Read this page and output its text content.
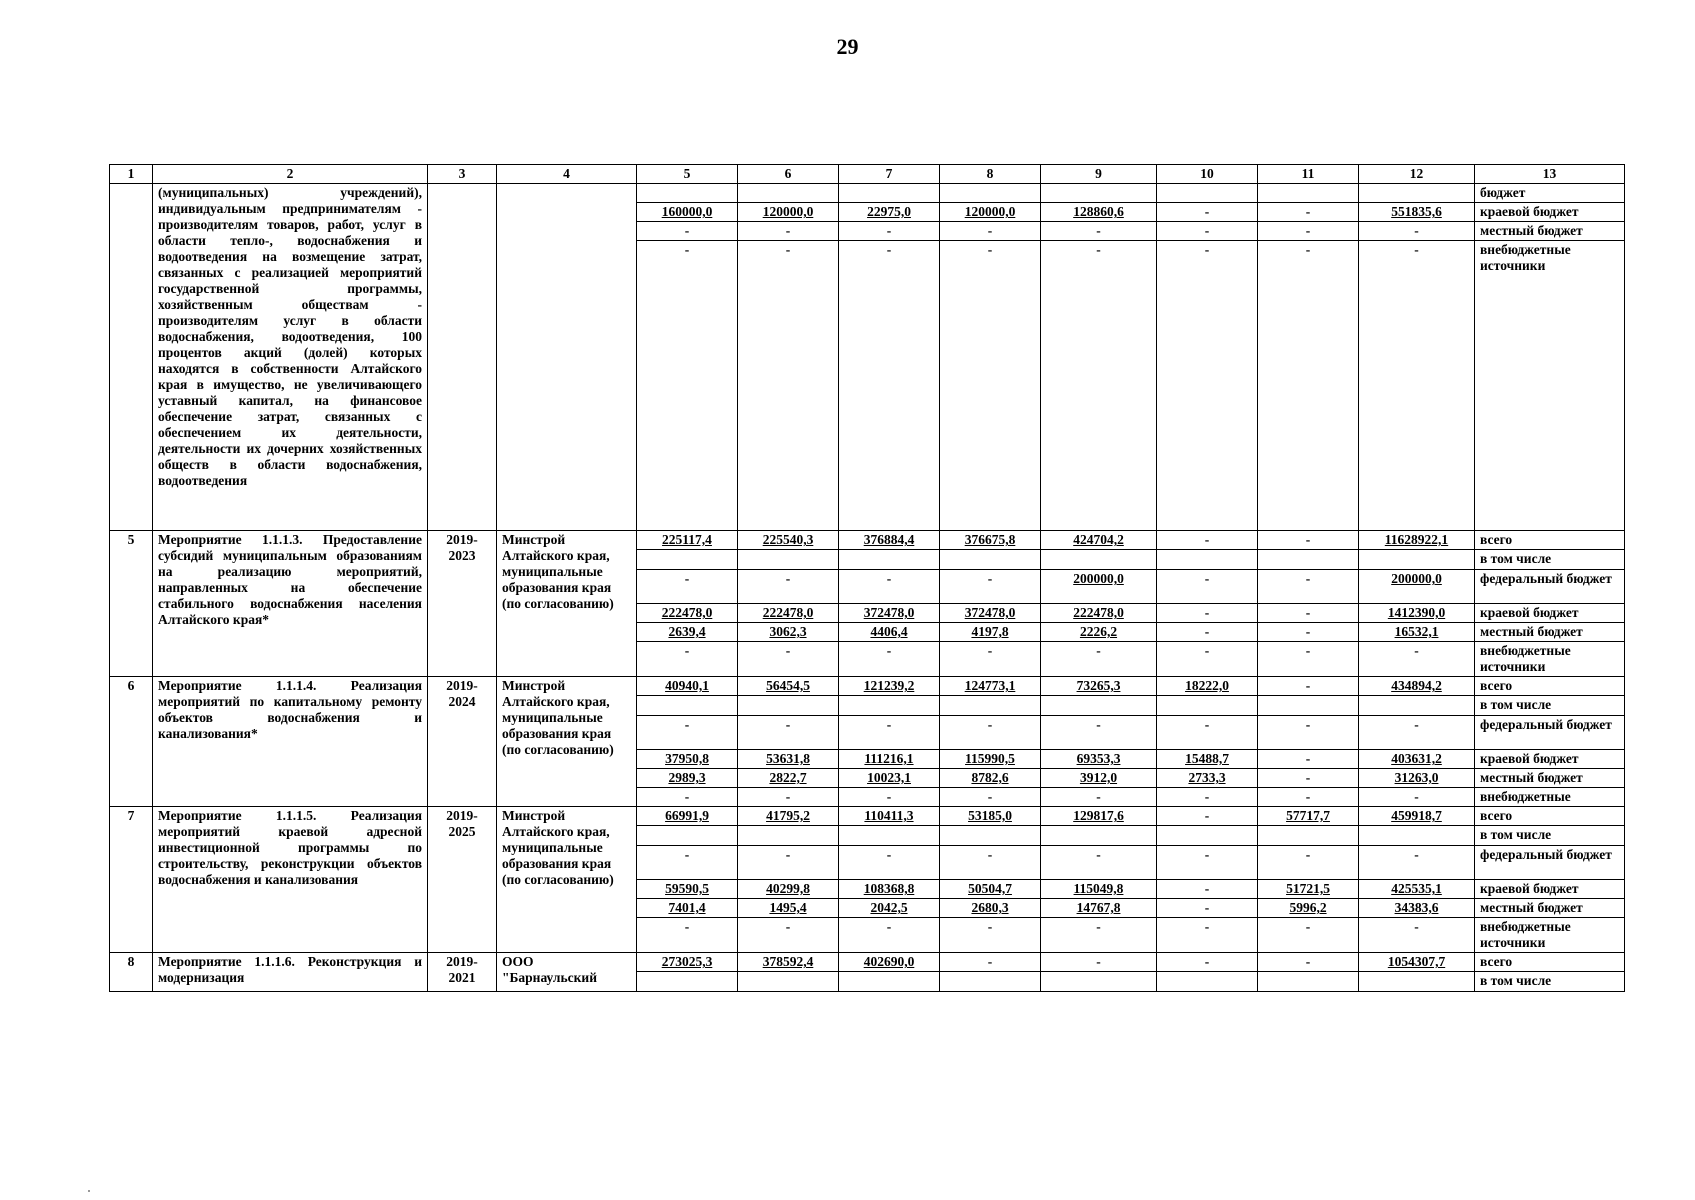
29
1	2	3	4	5	6	7	8	9	10	11	12	13
	(муниципальных) учреждений), индивидуальным предпринимателям - производителям товаров, работ, услуг в области тепло-, водоснабжения и водоотведения на возмещение затрат, связанных с реализацией мероприятий государственной программы, хозяйственным обществам - производителям услуг в области водоснабжения, водоотведения, 100 процентов акций (долей) которых находятся в собственности Алтайского края в имущество, не увеличивающего уставный капитал, на финансовое обеспечение затрат, связанных с обеспечением их деятельности, деятельности их дочерних хозяйственных обществ в области водоснабжения, водоотведения											бюджет
				160000,0	120000,0	22975,0	120000,0	128860,6	-	-	551835,6	краевой бюджет
				-	-	-	-	-	-	-	-	местный бюджет
				-	-	-	-	-	-	-	-	внебюджетные источники
5	Мероприятие 1.1.1.3. Предоставление субсидий муниципальным образованиям на реализацию мероприятий, направленных на обеспечение стабильного водоснабжения населения Алтайского края*	2019-2023	Минстрой Алтайского края, муниципальные образования края (по согласованию)	225117,4	225540,3	376884,4	376675,8	424704,2	-	-	11628922,1	всего
												в том числе
				-	-	-	-	200000,0	-	-	200000,0	федеральный бюджет
				222478,0	222478,0	372478,0	372478,0	222478,0	-	-	1412390,0	краевой бюджет
				2639,4	3062,3	4406,4	4197,8	2226,2	-	-	16532,1	местный бюджет
				-	-	-	-	-	-	-	-	внебюджетные источники
6	Мероприятие 1.1.1.4. Реализация мероприятий по капитальному ремонту объектов водоснабжения и канализования*	2019-2024	Минстрой Алтайского края, муниципальные образования края (по согласованию)	40940,1	56454,5	121239,2	124773,1	73265,3	18222,0	-	434894,2	всего
												в том числе
				-	-	-	-	-	-	-	-	федеральный бюджет
				37950,8	53631,8	111216,1	115990,5	69353,3	15488,7	-	403631,2	краевой бюджет
				2989,3	2822,7	10023,1	8782,6	3912,0	2733,3	-	31263,0	местный бюджет
				-	-	-	-	-	-	-	-	внебюджетные
7	Мероприятие 1.1.1.5. Реализация мероприятий краевой адресной инвестиционной программы по строительству, реконструкции объектов водоснабжения и канализования	2019-2025	Минстрой Алтайского края, муниципальные образования края (по согласованию)	66991,9	41795,2	110411,3	53185,0	129817,6	-	57717,7	459918,7	всего
												в том числе
				-	-	-	-	-	-	-	-	федеральный бюджет
				59590,5	40299,8	108368,8	50504,7	115049,8	-	51721,5	425535,1	краевой бюджет
				7401,4	1495,4	2042,5	2680,3	14767,8	-	5996,2	34383,6	местный бюджет
				-	-	-	-	-	-	-	-	внебюджетные источники
8	Мероприятие 1.1.1.6. Реконструкция и модернизация	2019-2021	ООО "Барнаульский	273025,3	378592,4	402690,0	-	-	-	-	1054307,7	всего
												в том числе
